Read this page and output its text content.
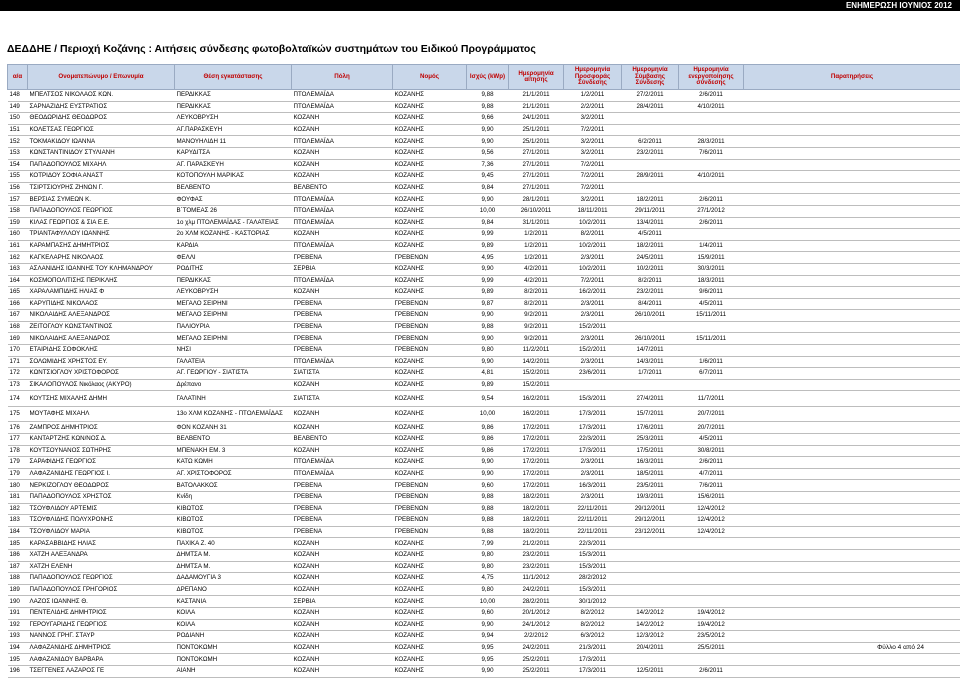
ΕΝΗΜΕΡΩΣΗ ΙΟΥΝΙΟΣ 2012
ΔΕΔΔΗΕ / Περιοχή Κοζάνης : Αιτήσεις σύνδεσης φωτοβολταϊκών συστημάτων του Ειδικού Προγράμματος
α/α	Ονοματεπώνυμο / Επωνυμία	Θέση εγκατάστασης	Πόλη	Νομός	Ισχύς (kWp)	Ημερομηνία αίτησης	Ημερομηνία Προσφοράς Σύνδεσης	Ημερομηνία Σύμβασης Σύνδεσης	Ημερομηνία ενεργοποίησης σύνδεσης	Παρατηρήσεις
148	ΜΠΕΛΤΣΟΣ ΝΙΚΟΛΑΟΣ ΚΩΝ.	ΠΕΡΔΙΚΚΑΣ	ΠΤΟΛΕΜΑΪΔΑ	ΚΟΖΑΝΗΣ	9,88	21/1/2011	1/2/2011	27/2/2011	2/6/2011	
149	ΣΑΡΝΑΖΙΔΗΣ ΕΥΣΤΡΑΤΙΟΣ	ΠΕΡΔΙΚΚΑΣ	ΠΤΟΛΕΜΑΪΔΑ	ΚΟΖΑΝΗΣ	9,88	21/1/2011	2/2/2011	28/4/2011	4/10/2011	
150	ΘΕΟΔΩΡΙΔΗΣ ΘΕΟΔΩΡΟΣ	ΛΕΥΚΟΒΡΥΣΗ	ΚΟΖΑΝΗ	ΚΟΖΑΝΗΣ	9,66	24/1/2011	3/2/2011			
151	ΚΟΛΕΤΣΑΣ ΓΕΩΡΓΙΟΣ	ΑΓ.ΠΑΡΑΣΚΕΥΗ	ΚΟΖΑΝΗ	ΚΟΖΑΝΗΣ	9,90	25/1/2011	7/2/2011			
152	ΤΟΚΜΑΚΙΔΟΥ ΙΩΑΝΝΑ	ΜΑΝΟΥΗΛΙΔΗ 11	ΠΤΟΛΕΜΑΪΔΑ	ΚΟΖΑΝΗΣ	9,90	25/1/2011	3/2/2011	6/2/2011	28/3/2011	
153	ΚΩΝΣΤΑΝΤΙΝΙΔΟΥ ΣΤΥΛΙΑΝΗ	ΚΑΡΥΔΙΤΣΑ	ΚΟΖΑΝΗ	ΚΟΖΑΝΗΣ	9,56	27/1/2011	3/2/2011	23/2/2011	7/6/2011	
154	ΠΑΠΑΔΟΠΟΥΛΟΣ ΜΙΧΑΗΛ	ΑΓ. ΠΑΡΑΣΚΕΥΗ	ΚΟΖΑΝΗ	ΚΟΖΑΝΗΣ	7,36	27/1/2011	7/2/2011			
155	ΚΟΤΡΙΔΟΥ ΣΟΦΙΑ ΑΝΑΣΤ	ΚΟΤΟΠΟΥΛΗ ΜΑΡΙΚΑΣ	ΚΟΖΑΝΗ	ΚΟΖΑΝΗΣ	9,45	27/1/2011	7/2/2011	28/9/2011	4/10/2011	
156	ΤΣΙΡΤΣΙΟΥΡΗΣ ΖΗΝΩΝ Γ.	ΒΕΛΒΕΝΤΟ	ΒΕΛΒΕΝΤΟ	ΚΟΖΑΝΗΣ	9,84	27/1/2011	7/2/2011			
157	ΒΕΡΣΙΑΣ ΣΥΜΕΩΝ Κ.	ΦΟΥΦΑΣ	ΠΤΟΛΕΜΑΪΔΑ	ΚΟΖΑΝΗΣ	9,90	28/1/2011	3/2/2011	18/2/2011	2/6/2011	
158	ΠΑΠΑΔΟΠΟΥΛΟΣ ΓΕΩΡΓΙΟΣ	Β΄ΤΟΜΕΑΣ 26	ΠΤΟΛΕΜΑΪΔΑ	ΚΟΖΑΝΗΣ	10,00	26/10/2011	18/11/2011	29/11/2011	27/1/2012	
159	ΚΙΛΑΣ ΓΕΩΡΓΙΟΣ & ΣΙΑ Ε.Ε.	1ο χλμ ΠΤΟΛΕΜΑΪΔΑΣ - ΓΑΛΑΤΕΙΑΣ	ΠΤΟΛΕΜΑΪΔΑ	ΚΟΖΑΝΗΣ	9,84	31/1/2011	10/2/2011	13/4/2011	2/6/2011	
160	ΤΡΙΑΝΤΑΦΥΛΛΟΥ ΙΩΑΝΝΗΣ	2ο ΧΛΜ ΚΟΖΑΝΗΣ - ΚΑΣΤΟΡΙΑΣ	ΚΟΖΑΝΗ	ΚΟΖΑΝΗΣ	9,99	1/2/2011	8/2/2011	4/5/2011		
161	ΚΑΡΑΜΠΑΣΗΣ ΔΗΜΗΤΡΙΟΣ	ΚΑΡΔΙΑ	ΠΤΟΛΕΜΑΪΔΑ	ΚΟΖΑΝΗΣ	9,89	1/2/2011	10/2/2011	18/2/2011	1/4/2011	
162	ΚΑΓΚΕΛΑΡΗΣ ΝΙΚΟΛΑΟΣ	ΦΕΛΛΙ	ΓΡΕΒΕΝΑ	ΓΡΕΒΕΝΩΝ	4,95	1/2/2011	2/3/2011	24/5/2011	15/9/2011	
163	ΑΣΛΑΝΙΔΗΣ ΙΩΑΝΝΗΣ ΤΟΥ ΚΛΗΜΑΝΔΡΟΥ	ΡΟΔΙΤΗΣ	ΣΕΡΒΙΑ	ΚΟΖΑΝΗΣ	9,90	4/2/2011	10/2/2011	10/2/2011	30/3/2011	
164	ΚΟΣΜΟΠΟΛΙΤΙΣΗΣ ΠΕΡΙΚΛΗΣ	ΠΕΡΔΙΚΚΑΣ	ΠΤΟΛΕΜΑΪΔΑ	ΚΟΖΑΝΗΣ	9,99	4/2/2011	7/2/2011	8/2/2011	18/3/2011	
165	ΧΑΡΑΛΑΜΠΙΔΗΣ ΗΛΙΑΣ Φ	ΛΕΥΚΟΒΡΥΣΗ	ΚΟΖΑΝΗ	ΚΟΖΑΝΗΣ	9,89	8/2/2011	16/2/2011	23/2/2011	9/6/2011	
166	ΚΑΡΥΠΙΔΗΣ ΝΙΚΟΛΑΟΣ	ΜΕΓΑΛΟ ΣΕΙΡΗΝΙ	ΓΡΕΒΕΝΑ	ΓΡΕΒΕΝΩΝ	9,87	8/2/2011	2/3/2011	8/4/2011	4/5/2011	
167	ΝΙΚΟΛΑΙΔΗΣ ΑΛΕΞΑΝΔΡΟΣ	ΜΕΓΑΛΟ ΣΕΙΡΗΝΙ	ΓΡΕΒΕΝΑ	ΓΡΕΒΕΝΩΝ	9,90	9/2/2011	2/3/2011	26/10/2011	15/11/2011	
168	ΖΕΙΤΟΓΛΟΥ ΚΩΝΣΤΑΝΤΙΝΟΣ	ΠΑΛΙΟΥΡΙΑ	ΓΡΕΒΕΝΑ	ΓΡΕΒΕΝΩΝ	9,88	9/2/2011	15/2/2011			
169	ΝΙΚΟΛΑΙΔΗΣ ΑΛΕΞΑΝΔΡΟΣ	ΜΕΓΑΛΟ ΣΕΙΡΗΝΙ	ΓΡΕΒΕΝΑ	ΓΡΕΒΕΝΩΝ	9,90	9/2/2011	2/3/2011	26/10/2011	15/11/2011	
170	ΕΤΑΙΡΙΔΗΣ ΣΟΦΟΚΛΗΣ	ΝΗΣΙ	ΓΡΕΒΕΝΑ	ΓΡΕΒΕΝΩΝ	9,80	11/2/2011	15/2/2011	14/7/2011		
171	ΣΟΛΩΜΙΔΗΣ ΧΡΗΣΤΟΣ ΕΥ.	ΓΑΛΑΤΕΙΑ	ΠΤΟΛΕΜΑΪΔΑ	ΚΟΖΑΝΗΣ	9,90	14/2/2011	2/3/2011	14/3/2011	1/6/2011	
172	ΚΩΝΤΣΙΟΓΛΟΥ ΧΡΙΣΤΟΦΟΡΟΣ	ΑΓ. ΓΕΩΡΓΙΟΥ - ΣΙΑΤΙΣΤΑ	ΣΙΑΤΙΣΤΑ	ΚΟΖΑΝΗΣ	4,81	15/2/2011	23/6/2011	1/7/2011	6/7/2011	
173	ΣΙΚΑΛΟΠΟΥΛΟΣ Νικόλαος (ΑΚΥΡΟ)	Δρέπανο	ΚΟΖΑΝΗ	ΚΟΖΑΝΗΣ	9,89	15/2/2011				
174	ΚΟΥΤΣΗΣ ΜΙΧΑΛΗΣ ΔΗΜΗ	ΓΑΛΑΤΙΝΗ	ΣΙΑΤΙΣΤΑ	ΚΟΖΑΝΗΣ	9,54	16/2/2011	15/3/2011	27/4/2011	11/7/2011	
175	ΜΟΥΤΑΦΗΣ ΜΙΧΑΗΛ	13ο ΧΛΜ ΚΟΖΑΝΗΣ - ΠΤΟΛΕΜΑΪΔΑΣ	ΚΟΖΑΝΗ	ΚΟΖΑΝΗΣ	10,00	16/2/2011	17/3/2011	15/7/2011	20/7/2011	
176	ΖΑΜΠΡΟΣ ΔΗΜΗΤΡΙΟΣ	ΦΟΝ ΚΟΖΑΝΗ 31	ΚΟΖΑΝΗ	ΚΟΖΑΝΗΣ	9,86	17/2/2011	17/3/2011	17/6/2011	20/7/2011	
177	ΚΑΝΤΑΡΤΖΗΣ ΚΩΝ/ΝΟΣ Δ.	ΒΕΛΒΕΝΤΟ	ΒΕΛΒΕΝΤΟ	ΚΟΖΑΝΗΣ	9,86	17/2/2011	22/3/2011	25/3/2011	4/5/2011	
178	ΚΟΥΤΣΟΥΝΑΝΟΣ ΣΩΤΗΡΗΣ	ΜΠΕΝΑΚΗ ΕΜ. 3	ΚΟΖΑΝΗ	ΚΟΖΑΝΗΣ	9,86	17/2/2011	17/3/2011	17/5/2011	30/8/2011	
179	ΣΑΡΑΦΙΔΗΣ ΓΕΩΡΓΙΟΣ	ΚΑΤΩ ΚΩΜΗ	ΠΤΟΛΕΜΑΪΔΑ	ΚΟΖΑΝΗΣ	9,90	17/2/2011	2/3/2011	16/3/2011	2/6/2011	
179	ΛΑΦΑΖΑΝΙΔΗΣ ΓΕΩΡΓΙΟΣ Ι.	ΑΓ. ΧΡΙΣΤΟΦΟΡΟΣ	ΠΤΟΛΕΜΑΪΔΑ	ΚΟΖΑΝΗΣ	9,90	17/2/2011	2/3/2011	18/5/2011	4/7/2011	
180	ΝΕΡΚΙΖΟΓΛΟΥ ΘΕΟΔΩΡΟΣ	ΒΑΤΟΛΑΚΚΟΣ	ΓΡΕΒΕΝΑ	ΓΡΕΒΕΝΩΝ	9,60	17/2/2011	16/3/2011	23/5/2011	7/6/2011	
181	ΠΑΠΑΔΟΠΟΥΛΟΣ ΧΡΗΣΤΟΣ	Κνίδη	ΓΡΕΒΕΝΑ	ΓΡΕΒΕΝΩΝ	9,88	18/2/2011	2/3/2011	19/3/2011	15/6/2011	
182	ΤΣΟΥΦΛΙΔΟΥ ΑΡΤΕΜΙΣ	ΚΙΒΩΤΟΣ	ΓΡΕΒΕΝΑ	ΓΡΕΒΕΝΩΝ	9,88	18/2/2011	22/11/2011	29/12/2011	12/4/2012	
183	ΤΣΟΥΦΛΙΔΗΣ ΠΟΛΥΧΡΟΝΗΣ	ΚΙΒΩΤΟΣ	ΓΡΕΒΕΝΑ	ΓΡΕΒΕΝΩΝ	9,88	18/2/2011	22/11/2011	29/12/2011	12/4/2012	
184	ΤΣΟΥΦΛΙΔΟΥ ΜΑΡΙΑ	ΚΙΒΩΤΟΣ	ΓΡΕΒΕΝΑ	ΓΡΕΒΕΝΩΝ	9,88	18/2/2011	22/11/2011	23/12/2011	12/4/2012	
185	ΚΑΡΑΣΑΒΒΙΔΗΣ ΗΛΙΑΣ	ΠΑΧΙΚΑ Z. 40	ΚΟΖΑΝΗ	ΚΟΖΑΝΗΣ	7,99	21/2/2011	22/3/2011			
186	ΧΑΤΖΗ ΑΛΕΞΑΝΔΡΑ	ΔΗΜΤΣΑ Μ.	ΚΟΖΑΝΗ	ΚΟΖΑΝΗΣ	9,80	23/2/2011	15/3/2011			
187	ΧΑΤΖΗ ΕΛΕΝΗ	ΔΗΜΤΣΑ Μ.	ΚΟΖΑΝΗ	ΚΟΖΑΝΗΣ	9,80	23/2/2011	15/3/2011			
188	ΠΑΠΑΔΟΠΟΥΛΟΣ ΓΕΩΡΓΙΟΣ	ΔΑΔΑΜΟΥΓΙΑ 3	ΚΟΖΑΝΗ	ΚΟΖΑΝΗΣ	4,75	11/1/2012	28/2/2012			
189	ΠΑΠΑΔΟΠΟΥΛΟΣ ΓΡΗΓΟΡΙΟΣ	ΔΡΕΠΑΝΟ	ΚΟΖΑΝΗ	ΚΟΖΑΝΗΣ	9,80	24/2/2011	15/3/2011			
190	ΛΑΖΟΣ ΙΩΑΝΝΗΣ Θ.	ΚΑΣΤΑΝΙΑ	ΣΕΡΒΙΑ	ΚΟΖΑΝΗΣ	10,00	28/2/2011	30/1/2012			
191	ΠΕΝΤΕΛΙΔΗΣ ΔΗΜΗΤΡΙΟΣ	ΚΟΙΛΑ	ΚΟΖΑΝΗ	ΚΟΖΑΝΗΣ	9,60	20/1/2012	8/2/2012	14/2/2012	19/4/2012	
192	ΓΕΡΟΥΓΑΡΙΔΗΣ ΓΕΩΡΓΙΟΣ	ΚΟΙΛΑ	ΚΟΖΑΝΗ	ΚΟΖΑΝΗΣ	9,90	24/1/2012	8/2/2012	14/2/2012	19/4/2012	
193	ΝΑΝΝΟΣ ΓΡΗΓ. ΣΤΑΥΡ	ΡΟΔΙΑΝΗ	ΚΟΖΑΝΗ	ΚΟΖΑΝΗΣ	9,94	2/2/2012	6/3/2012	12/3/2012	23/5/2012	
194	ΛΑΦΑΖΑΝΙΔΗΣ ΔΗΜΗΤΡΙΟΣ	ΠΟΝΤΟΚΩΜΗ	ΚΟΖΑΝΗ	ΚΟΖΑΝΗΣ	9,95	24/2/2011	21/3/2011	20/4/2011	25/5/2011	
195	ΛΑΦΑΖΑΝΙΔΟΥ ΒΑΡΒΑΡΑ	ΠΟΝΤΟΚΩΜΗ	ΚΟΖΑΝΗ	ΚΟΖΑΝΗΣ	9,95	25/2/2011	17/3/2011			
196	ΤΣΕΓΓΕΝΕΣ ΛΑΖΑΡΟΣ ΓΕ	ΑΙΑΝΗ	ΚΟΖΑΝΗ	ΚΟΖΑΝΗΣ	9,90	25/2/2011	17/3/2011	12/5/2011	2/6/2011	
Φύλλο 4 από 24
